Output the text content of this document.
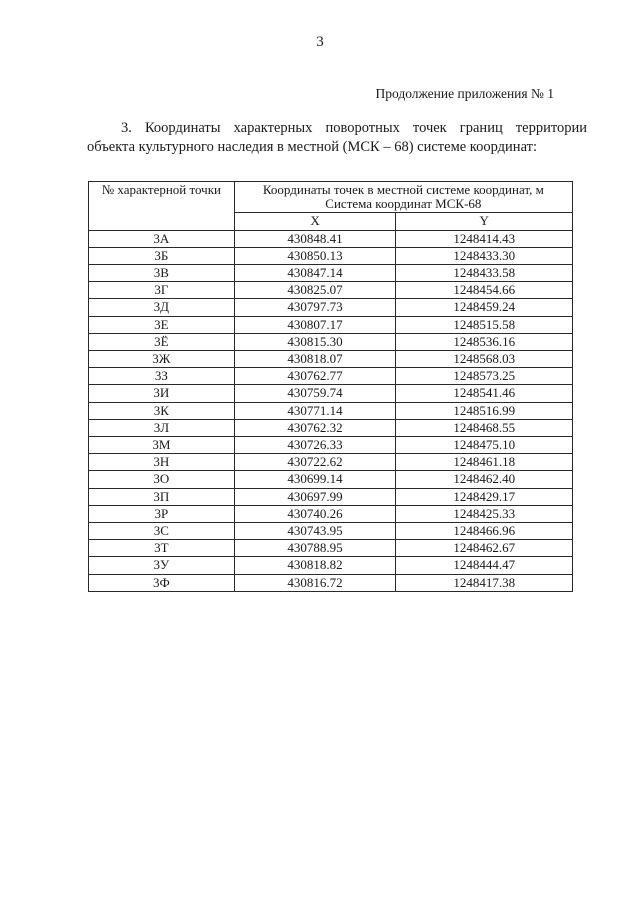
3
Продолжение приложения № 1
3. Координаты характерных поворотных точек границ территории
объекта культурного наследия в местной (МСК – 68) системе координат:
№ характерной точки	Координаты точек в местной системе координат, м
Система координат МСК-68	
	X	Y
3А	430848.41	1248414.43
3Б	430850.13	1248433.30
3В	430847.14	1248433.58
3Г	430825.07	1248454.66
3Д	430797.73	1248459.24
3Е	430807.17	1248515.58
3Ё	430815.30	1248536.16
3Ж	430818.07	1248568.03
3З	430762.77	1248573.25
3И	430759.74	1248541.46
3К	430771.14	1248516.99
3Л	430762.32	1248468.55
3М	430726.33	1248475.10
3Н	430722.62	1248461.18
3О	430699.14	1248462.40
3П	430697.99	1248429.17
3Р	430740.26	1248425.33
3С	430743.95	1248466.96
3Т	430788.95	1248462.67
3У	430818.82	1248444.47
3Ф	430816.72	1248417.38
